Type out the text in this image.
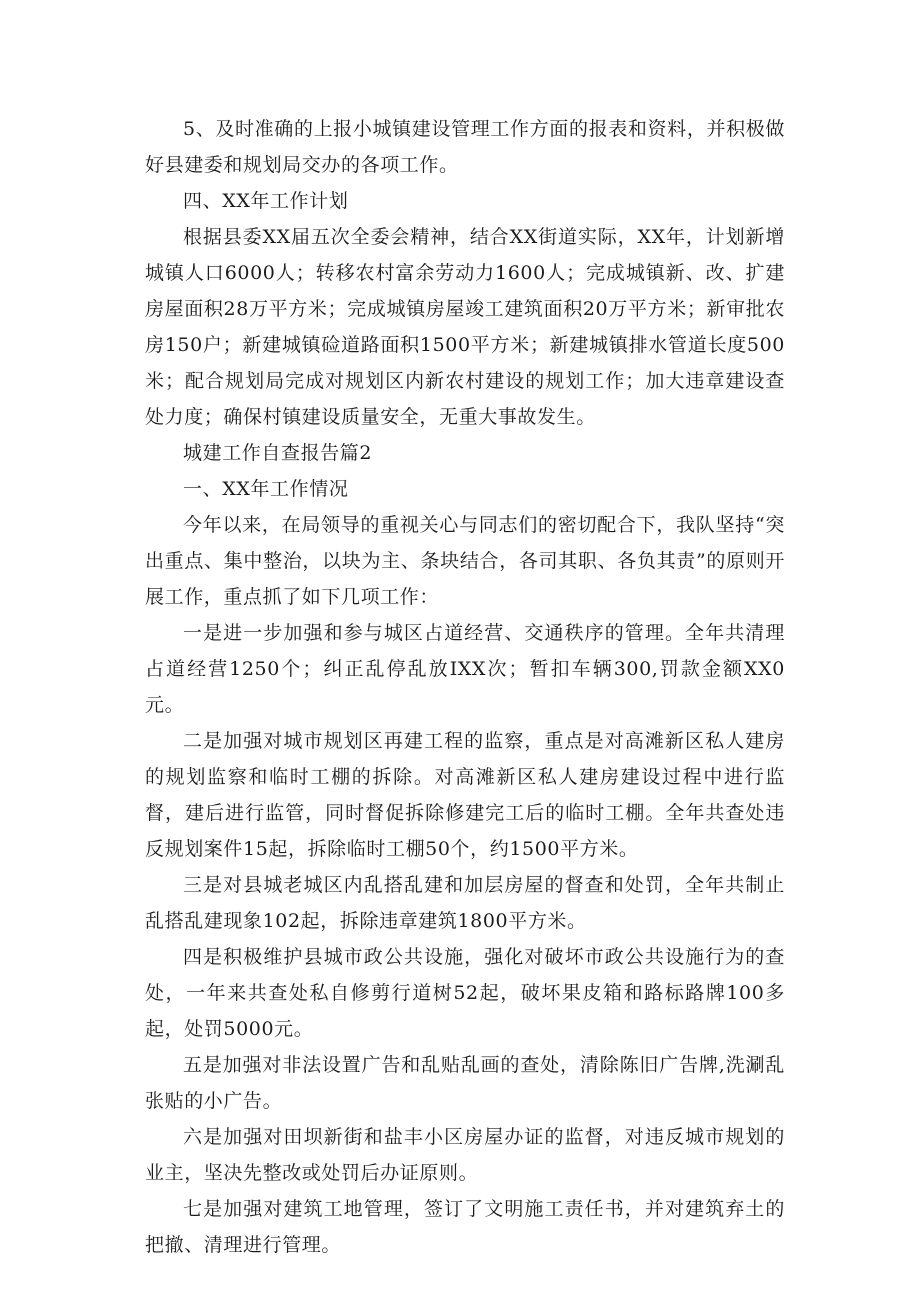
5、及时准确的上报小城镇建设管理工作方面的报表和资料，并积极做好县建委和规划局交办的各项工作。

四、XX年工作计划

根据县委XX届五次全委会精神，结合XX街道实际，XX年，计划新增城镇人口6000人；转移农村富余劳动力1600人；完成城镇新、改、扩建房屋面积28万平方米；完成城镇房屋竣工建筑面积20万平方米；新审批农房150户；新建城镇硷道路面积1500平方米；新建城镇排水管道长度500米；配合规划局完成对规划区内新农村建设的规划工作；加大违章建设查处力度；确保村镇建设质量安全，无重大事故发生。

城建工作自查报告篇2

一、XX年工作情况

今年以来，在局领导的重视关心与同志们的密切配合下，我队坚持“突出重点、集中整治，以块为主、条块结合，各司其职、各负其责”的原则开展工作，重点抓了如下几项工作：

一是进一步加强和参与城区占道经营、交通秩序的管理。全年共清理占道经营1250个；纠正乱停乱放IXX次；暂扣车辆300,罚款金额XX0元。

二是加强对城市规划区再建工程的监察，重点是对高滩新区私人建房的规划监察和临时工棚的拆除。对高滩新区私人建房建设过程中进行监督，建后进行监管，同时督促拆除修建完工后的临时工棚。全年共查处违反规划案件15起，拆除临时工棚50个，约1500平方米。

三是对县城老城区内乱搭乱建和加层房屋的督查和处罚，全年共制止乱搭乱建现象102起，拆除违章建筑1800平方米。

四是积极维护县城市政公共设施，强化对破坏市政公共设施行为的查处，一年来共查处私自修剪行道树52起，破坏果皮箱和路标路牌100多起，处罚5000元。

五是加强对非法设置广告和乱贴乱画的查处，清除陈旧广告牌,洗涮乱张贴的小广告。

六是加强对田坝新街和盐丰小区房屋办证的监督，对违反城市规划的业主，坚决先整改或处罚后办证原则。

七是加强对建筑工地管理，签订了文明施工责任书，并对建筑弃土的把撤、清理进行管理。
